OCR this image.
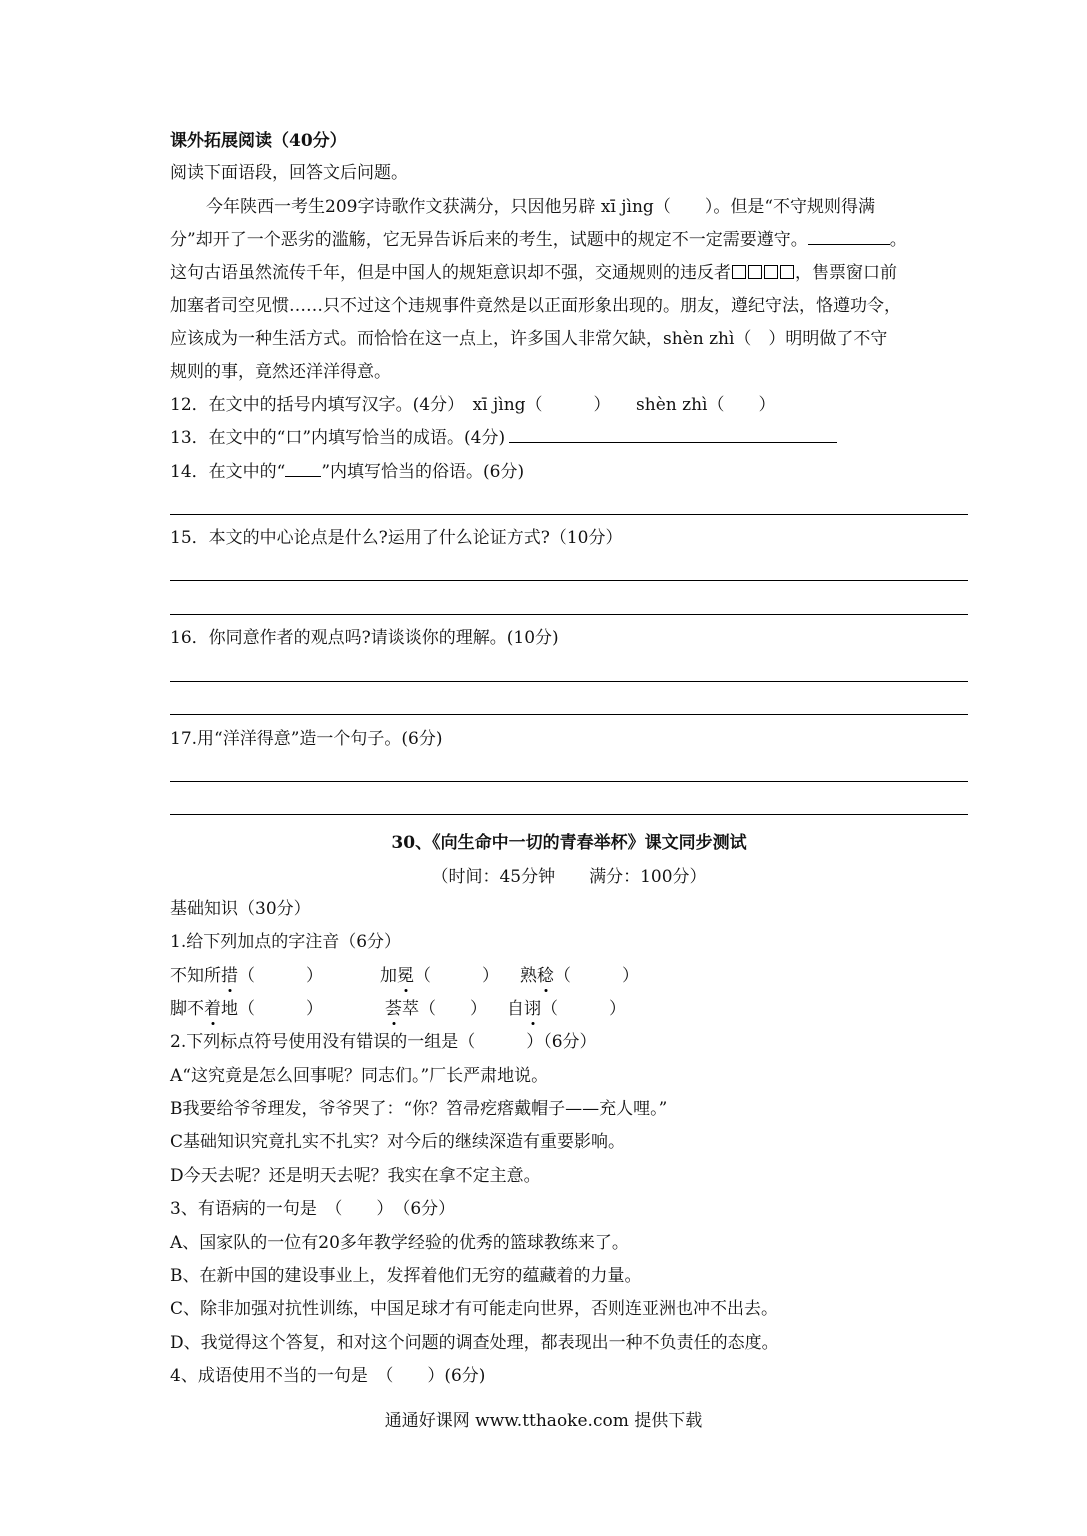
课外拓展阅读（40分）
阅读下面语段，回答文后问题。
今年陕西一考生209字诗歌作文获满分，只因他另辟 xī jìng（　　）。但是“不守规则得满
分”却开了一个恶劣的滥觞，它无异告诉后来的考生，试题中的规定不一定需要遵守。	。
这句古语虽然流传千年，但是中国人的规矩意识却不强，交通规则的违反者	，售票窗口前
加塞者司空见惯……只不过这个违规事件竟然是以正面形象出现的。朋友，遵纪守法，恪遵功令，
应该成为一种生活方式。而恰恰在这一点上，许多国人非常欠缺，shèn zhì（　）明明做了不守
规则的事，竟然还洋洋得意。
12．在文中的括号内填写汉字。(4分）　xī jìng（　　　）　　shèn zhì（　　）
13．在文中的“口”内填写恰当的成语。(4分)
14．在文中的“ ”内填写恰当的俗语。(6分)
15．本文的中心论点是什么?运用了什么论证方式?（10分）
16．你同意作者的观点吗?请谈谈你的理解。(10分)
17.用“洋洋得意”造一个句子。(6分)
30、《向生命中一切的青春举杯》课文同步测试
（时间：45分钟　　满分：100分）
基础知识（30分）
1.给下列加点的字注音（6分）
不知所措（　　　）	加冕（　　　） 熟稔（　　　）
脚不着地（　　　）	荟萃（　　） 自诩（　　　）
2.下列标点符号使用没有错误的一组是（　　　）（6分）
A“这究竟是怎么回事呢？同志们。”厂长严肃地说。
B我要给爷爷理发，爷爷哭了：“你？笤帚疙瘩戴帽子——充人哩。”
C基础知识究竟扎实不扎实？对今后的继续深造有重要影响。
D今天去呢？还是明天去呢？我实在拿不定主意。
3、有语病的一句是　（　　）　（6分）
A、国家队的一位有20多年教学经验的优秀的篮球教练来了。
B、在新中国的建设事业上，发挥着他们无穷的蕴藏着的力量。
C、除非加强对抗性训练，中国足球才有可能走向世界，否则连亚洲也冲不出去。
D、我觉得这个答复，和对这个问题的调查处理，都表现出一种不负责任的态度。
4、成语使用不当的一句是　（　　）(6分)
通通好课网 www.tthaoke.com 提供下载
